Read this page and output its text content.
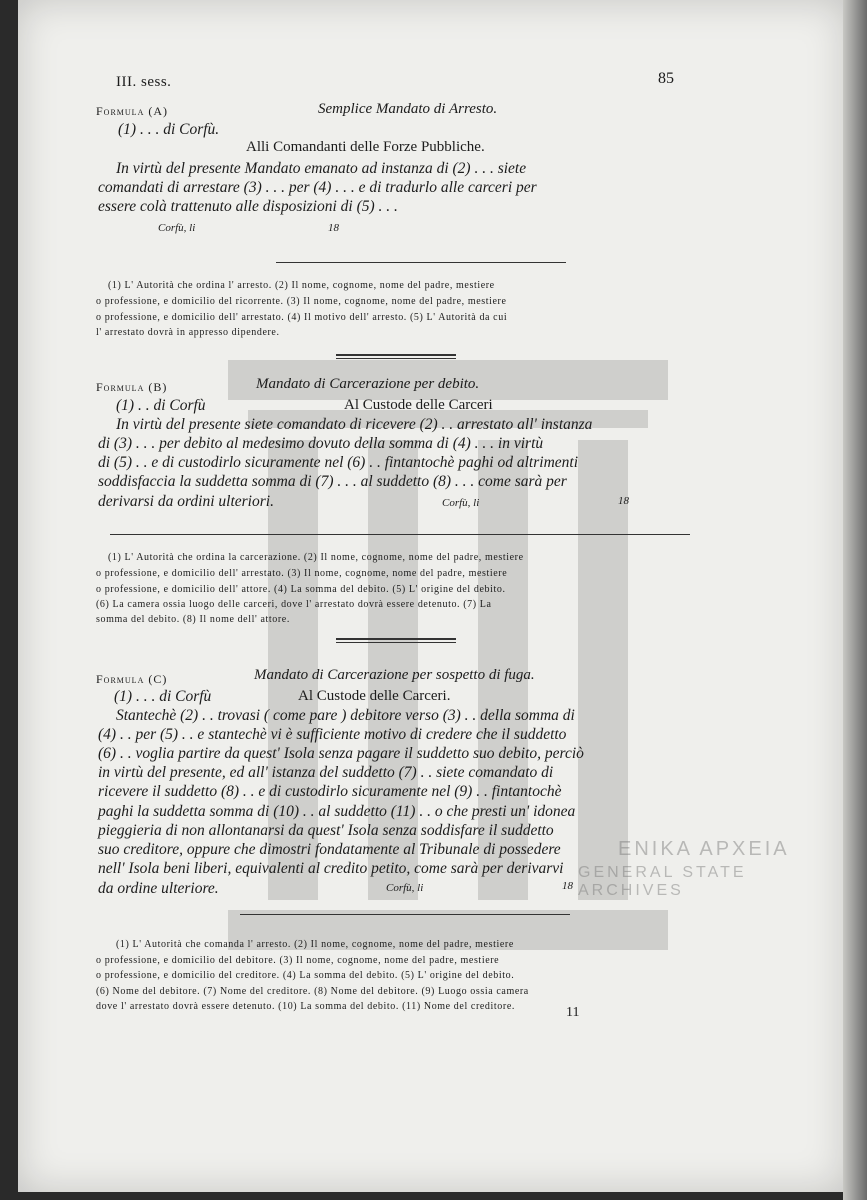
ENIKA APXEIA
GENERAL STATE ARCHIVES
III. sess.	85
Formula (A)	Semplice Mandato di Arresto.
(1) . . . di Corfù.
Alli Comandanti delle Forze Pubbliche.
In virtù del presente Mandato emanato ad instanza di (2) . . . siete
comandati di arrestare (3) . . . per (4) . . . e di tradurlo alle carceri per
essere colà trattenuto alle disposizioni di (5) . . .
Corfù, li	18
(1) L' Autorità che ordina l' arresto. (2) Il nome, cognome, nome del padre, mestiere
o professione, e domicilio del ricorrente. (3) Il nome, cognome, nome del padre, mestiere
o professione, e domicilio dell' arrestato. (4) Il motivo dell' arresto. (5) L' Autorità da cui
l' arrestato dovrà in appresso dipendere.
Formula (B)	Mandato di Carcerazione per debito.
(1) . . di Corfù	Al Custode delle Carceri
In virtù del presente siete comandato di ricevere (2) . . arrestato all' instanza
di (3) . . . per debito al medesimo dovuto della somma di (4) . . . in virtù
di (5) . . e di custodirlo sicuramente nel (6) . . fintantochè paghi od altrimenti
soddisfaccia la suddetta somma di (7) . . . al suddetto (8) . . . come sarà per
derivarsi da ordini ulteriori.	Corfù, li	18
(1) L' Autorità che ordina la carcerazione. (2) Il nome, cognome, nome del padre, mestiere
o professione, e domicilio dell' arrestato. (3) Il nome, cognome, nome del padre, mestiere
o professione, e domicilio dell' attore. (4) La somma del debito. (5) L' origine del debito.
(6) La camera ossia luogo delle carceri, dove l' arrestato dovrà essere detenuto. (7) La
somma del debito. (8) Il nome dell' attore.
Formula (C)	Mandato di Carcerazione per sospetto di fuga.
(1) . . . di Corfù	Al Custode delle Carceri.
Stantechè (2) . . trovasi ( come pare ) debitore verso (3) . . della somma di
(4) . . per (5) . . e stantechè vi è sufficiente motivo di credere che il suddetto
(6) . . voglia partire da quest' Isola senza pagare il suddetto suo debito, perciò
in virtù del presente, ed all' istanza del suddetto (7) . . siete comandato di
ricevere il suddetto (8) . . e di custodirlo sicuramente nel (9) . . fintantochè
paghi la suddetta somma di (10) . . al suddetto (11) . . o che presti un' idonea
pieggieria di non allontanarsi da quest' Isola senza soddisfare il suddetto
suo creditore, oppure che dimostri fondatamente al Tribunale di possedere
nell' Isola beni liberi, equivalenti al credito petito, come sarà per derivarvi
da ordine ulteriore.	Corfù, li	18
(1) L' Autorità che comanda l' arresto. (2) Il nome, cognome, nome del padre, mestiere
o professione, e domicilio del debitore. (3) Il nome, cognome, nome del padre, mestiere
o professione, e domicilio del creditore. (4) La somma del debito. (5) L' origine del debito.
(6) Nome del debitore. (7) Nome del creditore. (8) Nome del debitore. (9) Luogo ossia camera
dove l' arrestato dovrà essere detenuto. (10) La somma del debito. (11) Nome del creditore.	11
